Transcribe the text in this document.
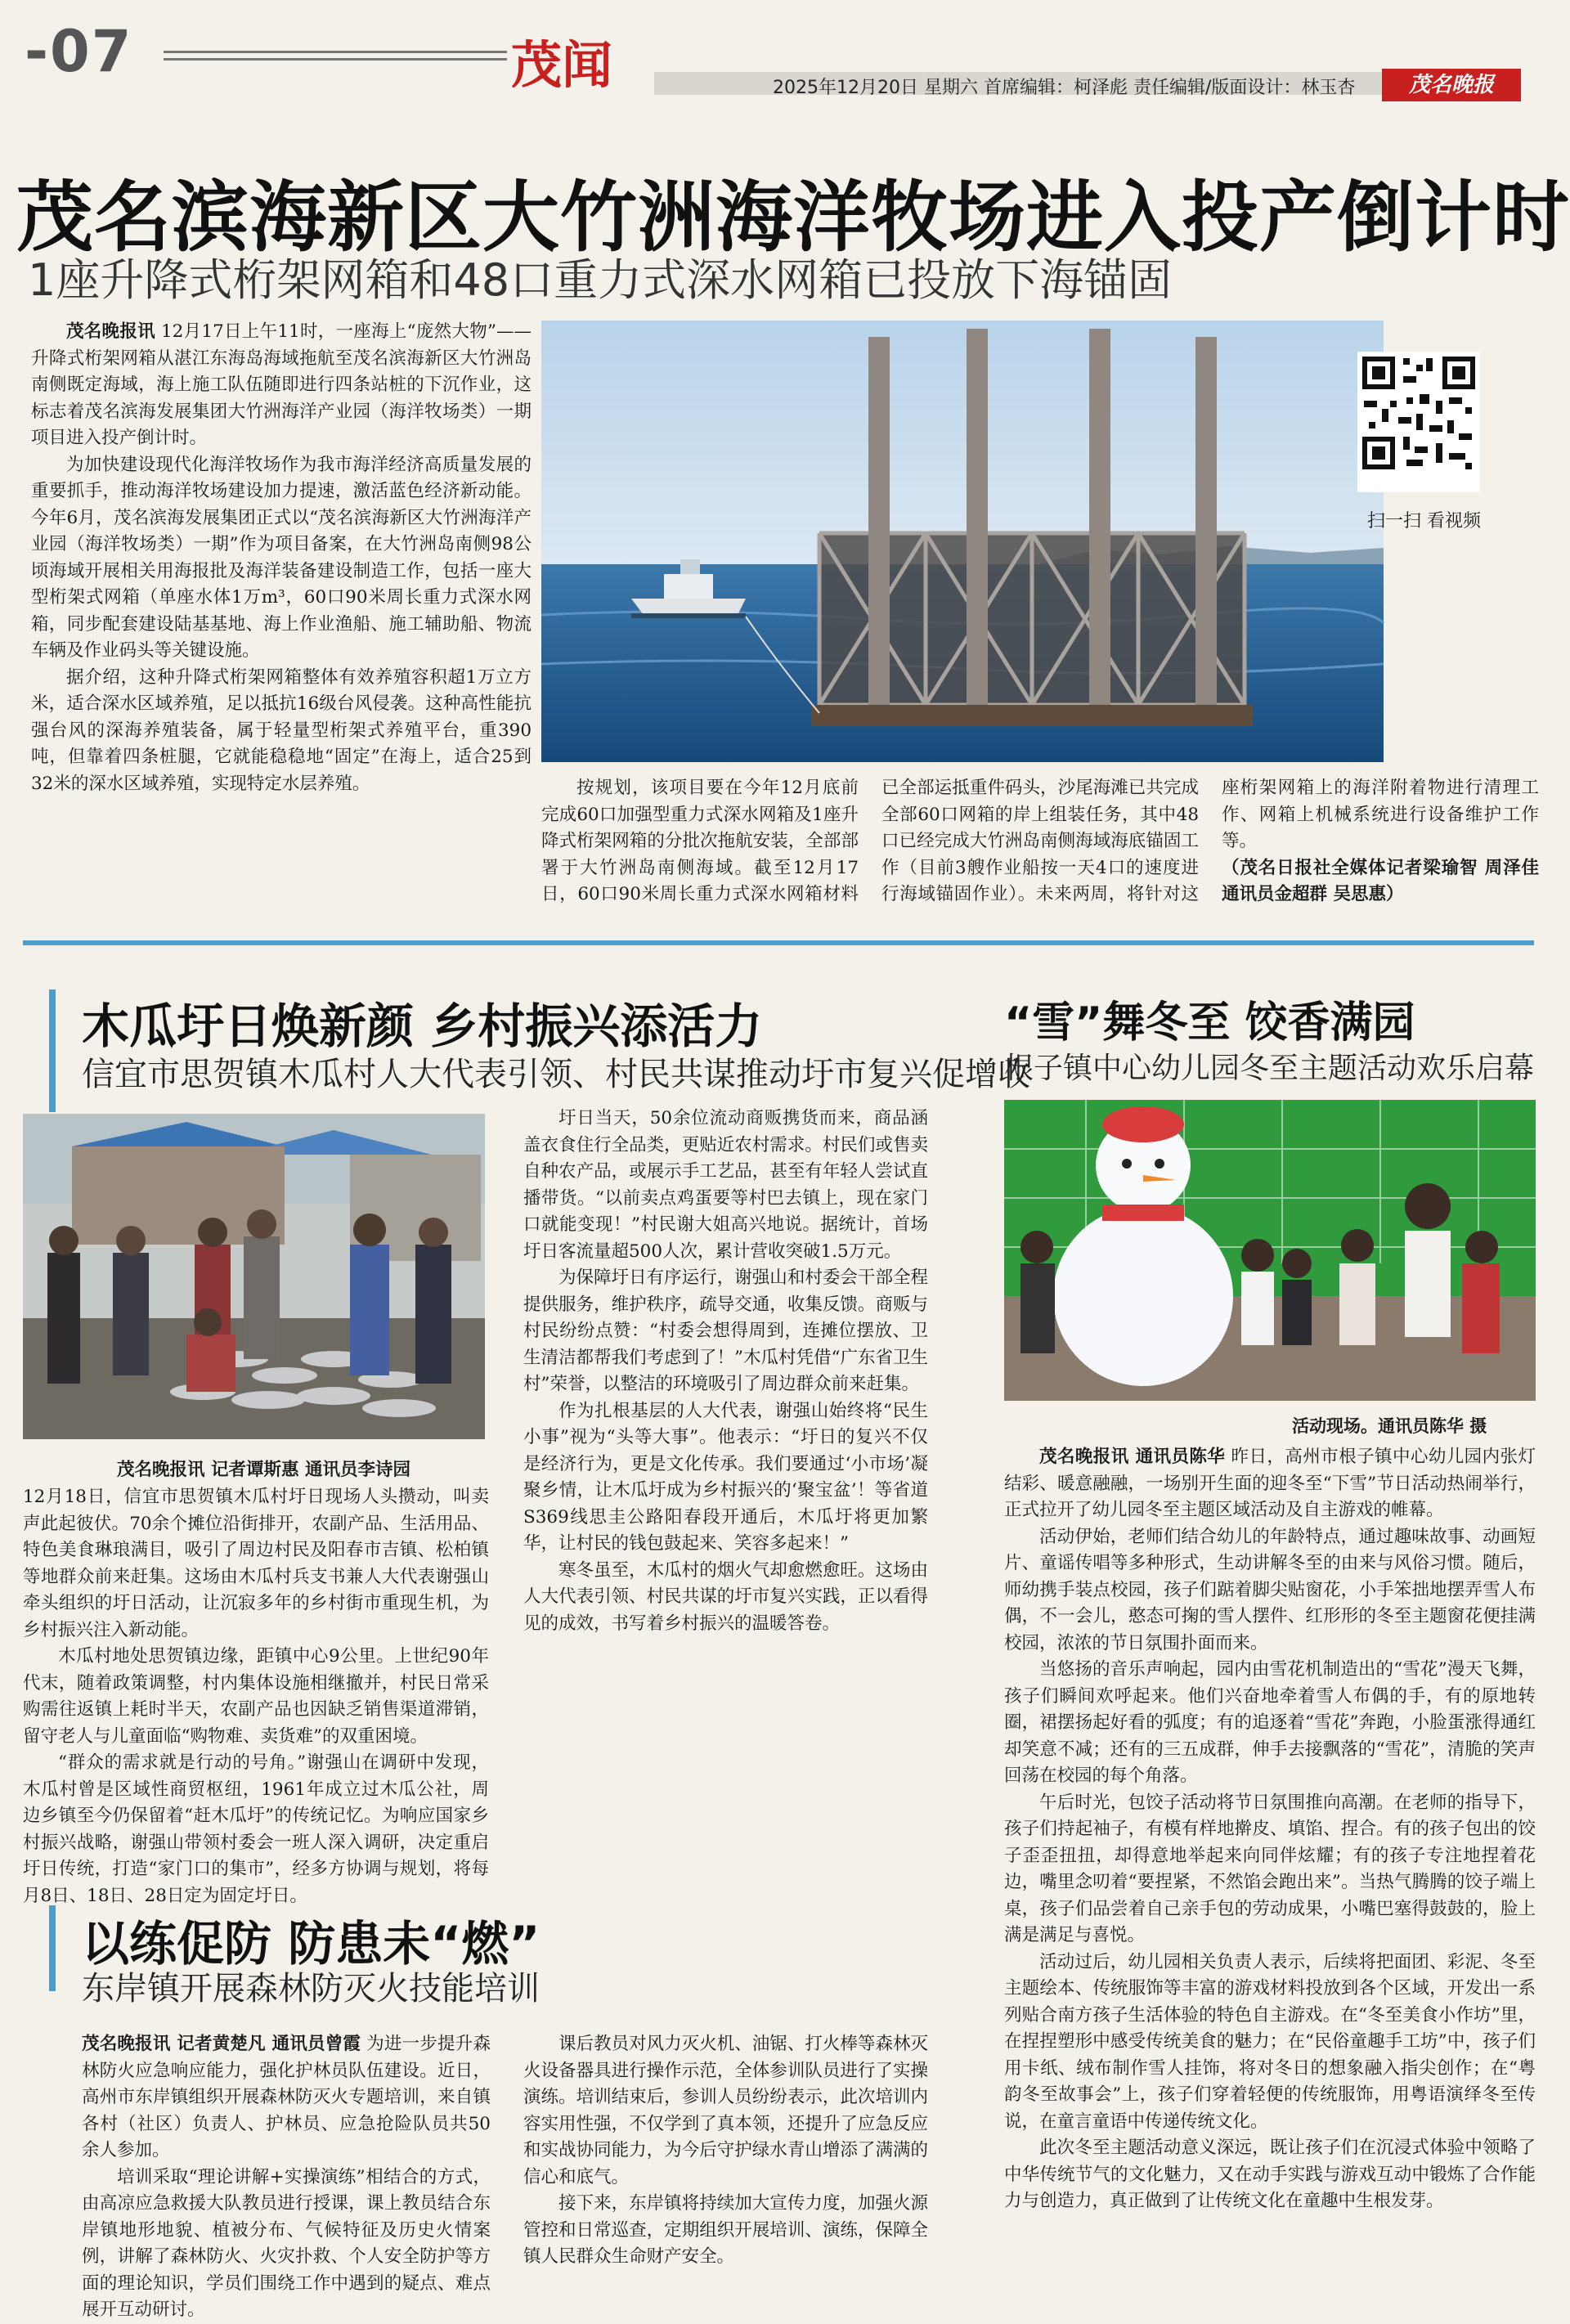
-07	茂闻	2025年12月20日 星期六 首席编辑：柯泽彪 责任编辑/版面设计：林玉杏	茂名晚报
茂名滨海新区大竹洲海洋牧场进入投产倒计时
1座升降式桁架网箱和48口重力式深水网箱已投放下海锚固

茂名晚报讯 12月17日上午11时，一座海上“庞然大物”——升降式桁架网箱从湛江东海岛海域拖航至茂名滨海新区大竹洲岛南侧既定海域，海上施工队伍随即进行四条站桩的下沉作业，这标志着茂名滨海发展集团大竹洲海洋产业园（海洋牧场类）一期项目进入投产倒计时。

为加快建设现代化海洋牧场作为我市海洋经济高质量发展的重要抓手，推动海洋牧场建设加力提速，激活蓝色经济新动能。今年6月，茂名滨海发展集团正式以“茂名滨海新区大竹洲海洋产业园（海洋牧场类）一期”作为项目备案，在大竹洲岛南侧98公顷海域开展相关用海报批及海洋装备建设制造工作，包括一座大型桁架式网箱（单座水体1万m³，60口90米周长重力式深水网箱，同步配套建设陆基基地、海上作业渔船、施工辅助船、物流车辆及作业码头等关键设施。

据介绍，这种升降式桁架网箱整体有效养殖容积超1万立方米，适合深水区域养殖，足以抵抗16级台风侵袭。这种高性能抗强台风的深海养殖装备，属于轻量型桁架式养殖平台，重390吨，但靠着四条桩腿，它就能稳稳地“固定”在海上，适合25到32米的深水区域养殖，实现特定水层养殖。

扫一扫 看视频

按规划，该项目要在今年12月底前完成60口加强型重力式深水网箱及1座升降式桁架网箱的分批次拖航安装，全部部署于大竹洲岛南侧海域。截至12月17日，60口90米周长重力式深水网箱材料已全部运抵重件码头，沙尾海滩已共完成全部60口网箱的岸上组装任务，其中48口已经完成大竹洲岛南侧海域海底锚固工作（目前3艘作业船按一天4口的速度进行海域锚固作业）。未来两周，将针对这座桁架网箱上的海洋附着物进行清理工作、网箱上机械系统进行设备维护工作等。

（茂名日报社全媒体记者梁瑜智 周泽佳 通讯员金超群 吴思惠）

木瓜圩日焕新颜 乡村振兴添活力
信宜市思贺镇木瓜村人大代表引领、村民共谋推动圩市复兴促增收

茂名晚报讯 记者谭斯惠 通讯员李诗园

12月18日，信宜市思贺镇木瓜村圩日现场人头攒动，叫卖声此起彼伏。70余个摊位沿街排开，农副产品、生活用品、特色美食琳琅满目，吸引了周边村民及阳春市吉镇、松柏镇等地群众前来赶集。这场由木瓜村兵支书兼人大代表谢强山牵头组织的圩日活动，让沉寂多年的乡村街市重现生机，为乡村振兴注入新动能。

木瓜村地处思贺镇边缘，距镇中心9公里。上世纪90年代末，随着政策调整，村内集体设施相继撤并，村民日常采购需往返镇上耗时半天，农副产品也因缺乏销售渠道滞销，留守老人与儿童面临“购物难、卖货难”的双重困境。

“群众的需求就是行动的号角。”谢强山在调研中发现，木瓜村曾是区域性商贸枢纽，1961年成立过木瓜公社，周边乡镇至今仍保留着“赶木瓜圩”的传统记忆。为响应国家乡村振兴战略，谢强山带领村委会一班人深入调研，决定重启圩日传统，打造“家门口的集市”，经多方协调与规划，将每月8日、18日、28日定为固定圩日。

圩日当天，50余位流动商贩携货而来，商品涵盖衣食住行全品类，更贴近农村需求。村民们或售卖自种农产品，或展示手工艺品，甚至有年轻人尝试直播带货。“以前卖点鸡蛋要等村巴去镇上，现在家门口就能变现！”村民谢大姐高兴地说。据统计，首场圩日客流量超500人次，累计营收突破1.5万元。

为保障圩日有序运行，谢强山和村委会干部全程提供服务，维护秩序，疏导交通，收集反馈。商贩与村民纷纷点赞：“村委会想得周到，连摊位摆放、卫生清洁都帮我们考虑到了！”木瓜村凭借“广东省卫生村”荣誉，以整洁的环境吸引了周边群众前来赶集。

作为扎根基层的人大代表，谢强山始终将“民生小事”视为“头等大事”。他表示：“圩日的复兴不仅是经济行为，更是文化传承。我们要通过‘小市场’凝聚乡情，让木瓜圩成为乡村振兴的‘聚宝盆’！等省道S369线思圭公路阳春段开通后，木瓜圩将更加繁华，让村民的钱包鼓起来、笑容多起来！”

寒冬虽至，木瓜村的烟火气却愈燃愈旺。这场由人大代表引领、村民共谋的圩市复兴实践，正以看得见的成效，书写着乡村振兴的温暖答卷。

以练促防 防患未“燃”
东岸镇开展森林防灭火技能培训

茂名晚报讯 记者黄楚凡 通讯员曾霞 为进一步提升森林防火应急响应能力，强化护林员队伍建设。近日，高州市东岸镇组织开展森林防灭火专题培训，来自镇各村（社区）负责人、护林员、应急抢险队员共50余人参加。

培训采取“理论讲解+实操演练”相结合的方式，由高凉应急救援大队教员进行授课，课上教员结合东岸镇地形地貌、植被分布、气候特征及历史火情案例，讲解了森林防火、火灾扑救、个人安全防护等方面的理论知识，学员们围绕工作中遇到的疑点、难点展开互动研讨。

课后教员对风力灭火机、油锯、打火棒等森林灭火设备器具进行操作示范，全体参训队员进行了实操演练。培训结束后，参训人员纷纷表示，此次培训内容实用性强，不仅学到了真本领，还提升了应急反应和实战协同能力，为今后守护绿水青山增添了满满的信心和底气。

接下来，东岸镇将持续加大宣传力度，加强火源管控和日常巡查，定期组织开展培训、演练，保障全镇人民群众生命财产安全。

“雪”舞冬至 饺香满园
根子镇中心幼儿园冬至主题活动欢乐启幕
活动现场。通讯员陈华 摄

茂名晚报讯 通讯员陈华 昨日，高州市根子镇中心幼儿园内张灯结彩、暖意融融，一场别开生面的迎冬至“下雪”节日活动热闹举行，正式拉开了幼儿园冬至主题区域活动及自主游戏的帷幕。

活动伊始，老师们结合幼儿的年龄特点，通过趣味故事、动画短片、童谣传唱等多种形式，生动讲解冬至的由来与风俗习惯。随后，师幼携手装点校园，孩子们踮着脚尖贴窗花，小手笨拙地摆弄雪人布偶，不一会儿，憨态可掬的雪人摆件、红形形的冬至主题窗花便挂满校园，浓浓的节日氛围扑面而来。

当悠扬的音乐声响起，园内由雪花机制造出的“雪花”漫天飞舞，孩子们瞬间欢呼起来。他们兴奋地牵着雪人布偶的手，有的原地转圈，裙摆扬起好看的弧度；有的追逐着“雪花”奔跑，小脸蛋涨得通红却笑意不减；还有的三五成群，伸手去接飘落的“雪花”，清脆的笑声回荡在校园的每个角落。

午后时光，包饺子活动将节日氛围推向高潮。在老师的指导下，孩子们持起袖子，有模有样地擀皮、填馅、捏合。有的孩子包出的饺子歪歪扭扭，却得意地举起来向同伴炫耀；有的孩子专注地捏着花边，嘴里念叨着“要捏紧，不然馅会跑出来”。当热气腾腾的饺子端上桌，孩子们品尝着自己亲手包的劳动成果，小嘴巴塞得鼓鼓的，脸上满是满足与喜悦。

活动过后，幼儿园相关负责人表示，后续将把面团、彩泥、冬至主题绘本、传统服饰等丰富的游戏材料投放到各个区域，开发出一系列贴合南方孩子生活体验的特色自主游戏。在“冬至美食小作坊”里，在捏捏塑形中感受传统美食的魅力；在“民俗童趣手工坊”中，孩子们用卡纸、绒布制作雪人挂饰，将对冬日的想象融入指尖创作；在“粤韵冬至故事会”上，孩子们穿着轻便的传统服饰，用粤语演绎冬至传说，在童言童语中传递传统文化。

此次冬至主题活动意义深远，既让孩子们在沉浸式体验中领略了中华传统节气的文化魅力，又在动手实践与游戏互动中锻炼了合作能力与创造力，真正做到了让传统文化在童趣中生根发芽。
